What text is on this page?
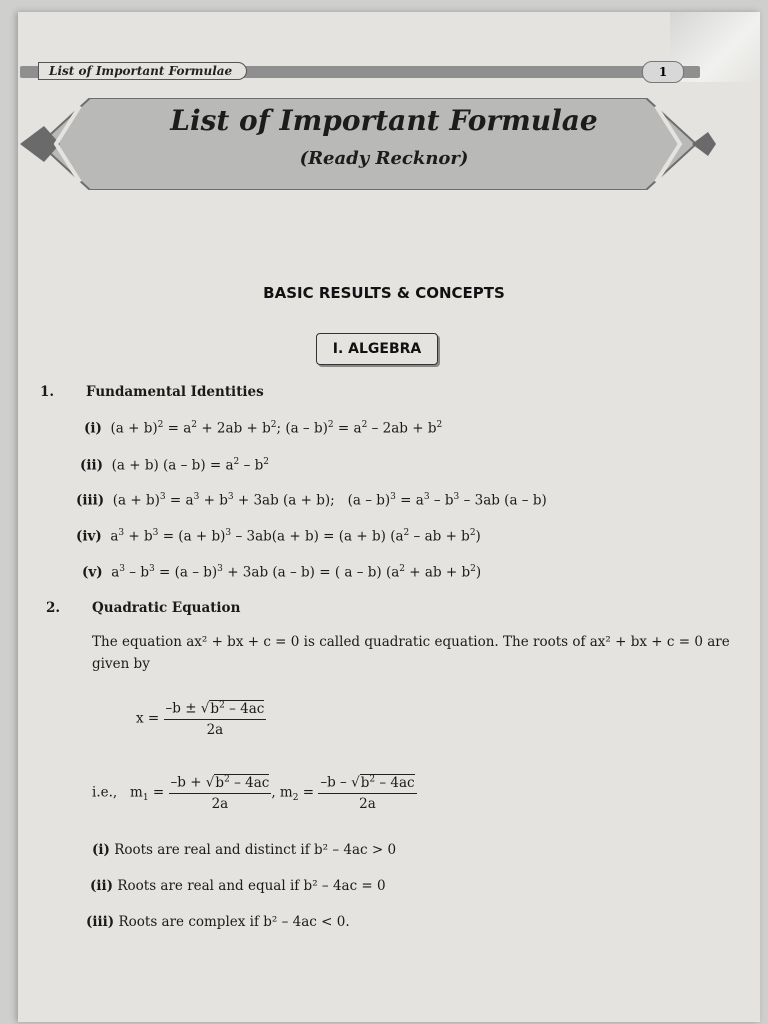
List of Important Formulae	1
List of Important Formulae
(Ready Recknor)
BASIC RESULTS & CONCEPTS
I. ALGEBRA
1. Fundamental Identities
(i)  $(a + b)^2 = a^2 + 2ab + b^2$; $(a - b)^2 = a^2 - 2ab + b^2$
(ii)  (a + b) $(a - b) = a^2 - b^2$
(iii)  $(a + b)^3 = a^3 + b^3 + 3ab$ (a + b);   $(a - b)^3 = a^3 - b^3 - 3ab$ (a – b)
(iv)  $a^3 + b^3 = (a + b)^3 - 3ab(a + b) = (a + b)$ ($a^2$ – ab + $b^2$)
(v)  $a^3 - b^3 = (a - b)^3 + 3ab$ (a – b) = ( a – b) ($a^2$ + ab + $b^2$)
2. Quadratic Equation
The equation ax² + bx + c = 0 is called quadratic equation. The roots of ax² + bx + c = 0 are
given by
$x = \frac{-b \pm √b^2 - 4ac}{2a}$
i.e.,   $m_1 = \frac{-b + √b^2 - 4ac}{2a}$ , $m_2 = \frac{-b - √b^2 - 4ac}{2a}$
(i) Roots are real and distinct if b² – 4ac > 0
(ii) Roots are real and equal if b² – 4ac = 0
(iii) Roots are complex if b² – 4ac < 0.
